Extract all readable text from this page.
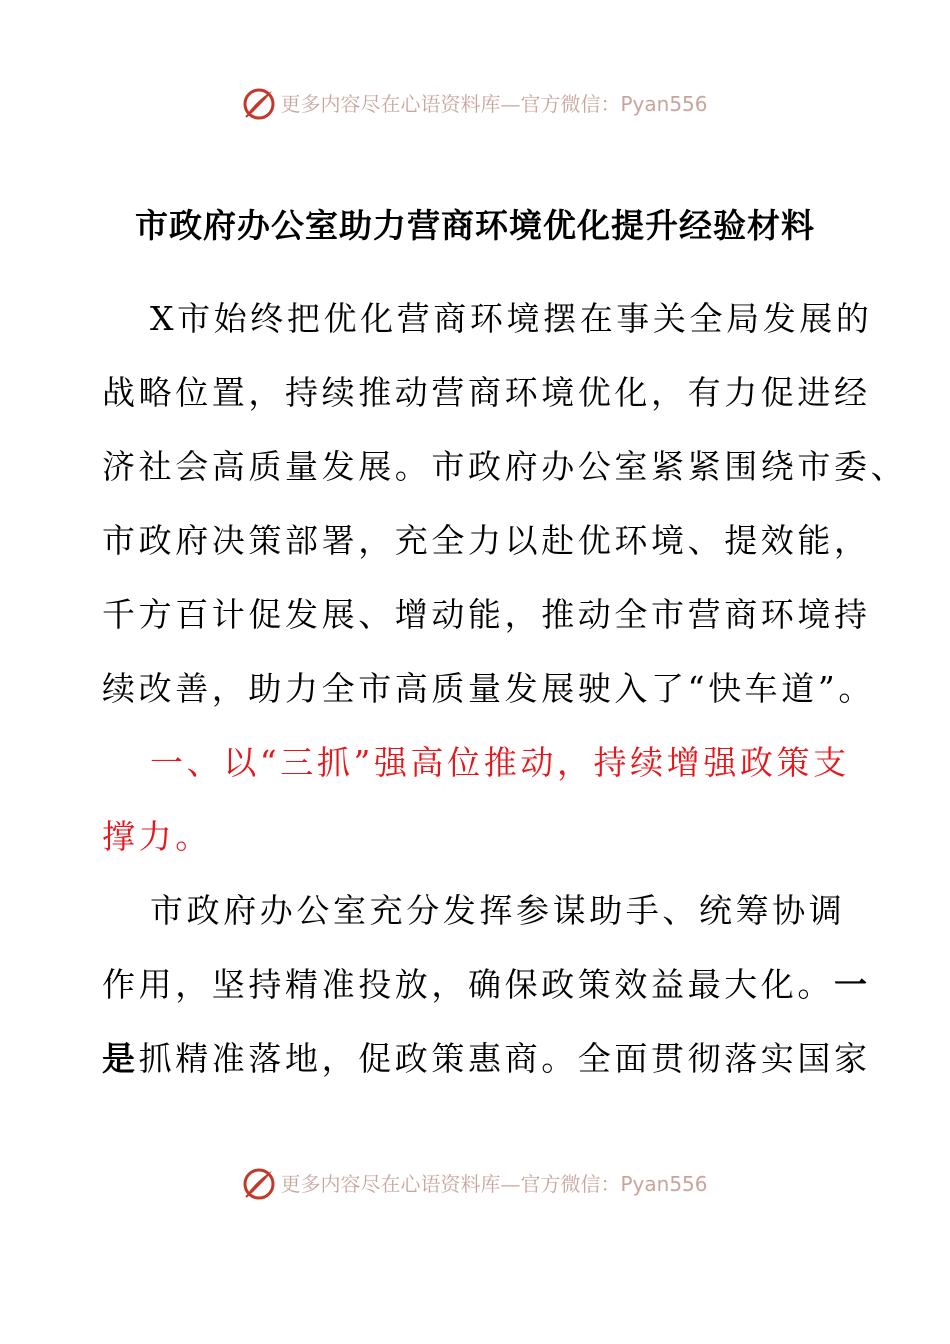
更多内容尽在心语资料库—官方微信：Pyan556
市政府办公室助力营商环境优化提升经验材料
X市始终把优化营商环境摆在事关全局发展的
战略位置，持续推动营商环境优化，有力促进经
济社会高质量发展。市政府办公室紧紧围绕市委、
市政府决策部署，充全力以赴优环境、提效能，
千方百计促发展、增动能，推动全市营商环境持
续改善，助力全市高质量发展驶入了“快车道”。
一、以“三抓”强高位推动，持续增强政策支
撑力。
市政府办公室充分发挥参谋助手、统筹协调
作用，坚持精准投放，确保政策效益最大化。一
是抓精准落地，促政策惠商。全面贯彻落实国家
更多内容尽在心语资料库—官方微信：Pyan556
